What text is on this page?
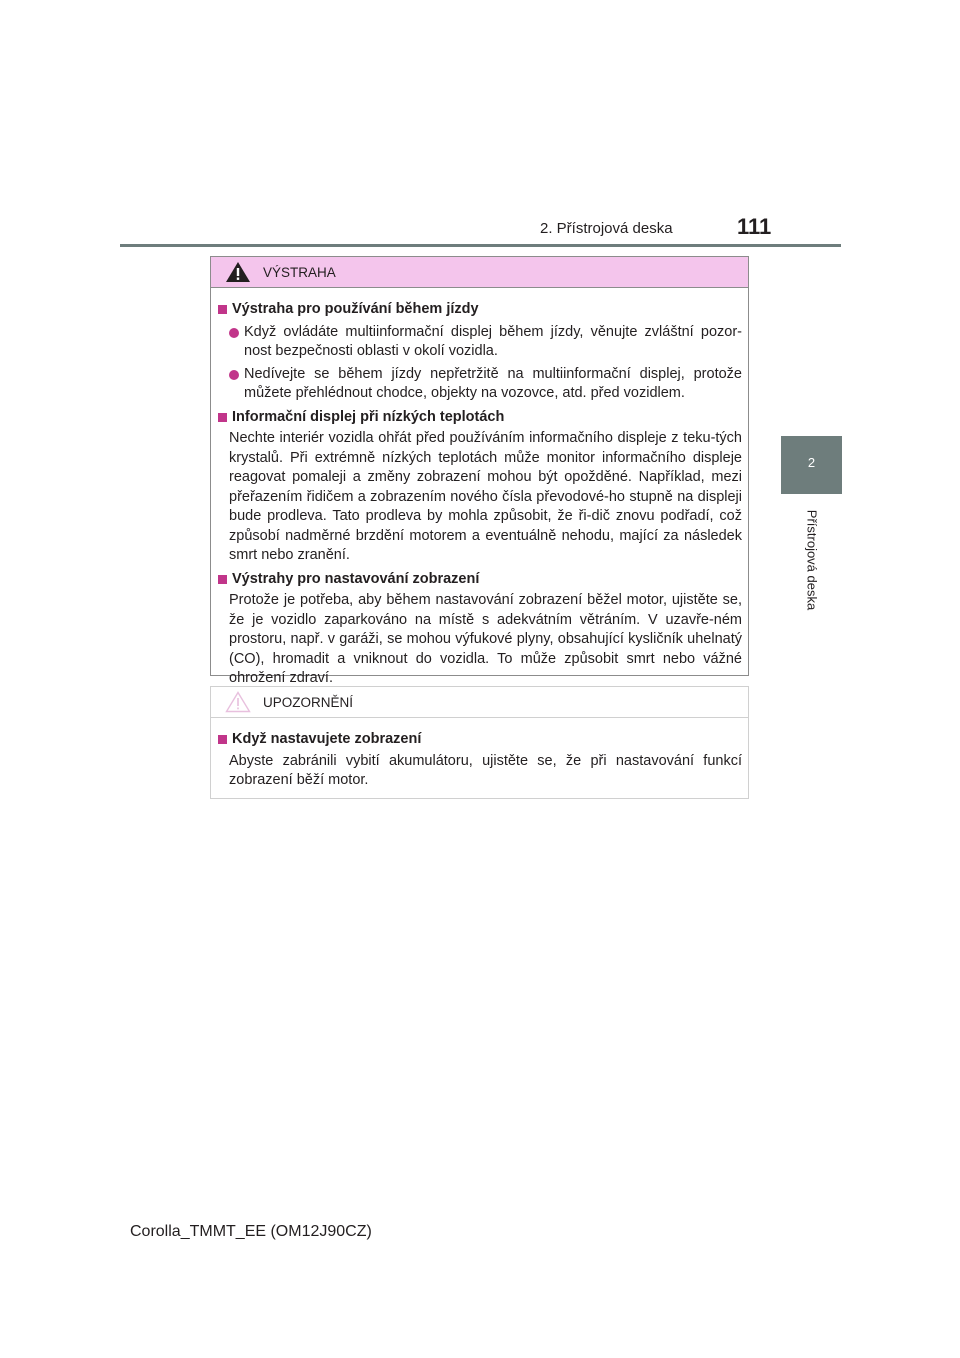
2. Přístrojová deska	111
2
Přístrojová deska
VÝSTRAHA
Výstraha pro používání během jízdy
Když ovládáte multiinformační displej během jízdy, věnujte zvláštní pozor-nost bezpečnosti oblasti v okolí vozidla.
Nedívejte se během jízdy nepřetržitě na multiinformační displej, protože můžete přehlédnout chodce, objekty na vozovce, atd. před vozidlem.
Informační displej při nízkých teplotách
Nechte interiér vozidla ohřát před používáním informačního displeje z teku-tých krystalů. Při extrémně nízkých teplotách může monitor informačního displeje reagovat pomaleji a změny zobrazení mohou být opožděné. Například, mezi přeřazením řidičem a zobrazením nového čísla převodové-ho stupně na displeji bude prodleva. Tato prodleva by mohla způsobit, že ři-dič znovu podřadí, což způsobí nadměrné brzdění motorem a eventuálně nehodu, mající za následek smrt nebo zranění.
Výstrahy pro nastavování zobrazení
Protože je potřeba, aby během nastavování zobrazení běžel motor, ujistěte se, že je vozidlo zaparkováno na místě s adekvátním větráním. V uzavře-ném prostoru, např. v garáži, se mohou výfukové plyny, obsahující kysličník uhelnatý (CO), hromadit a vniknout do vozidla. To může způsobit smrt nebo vážné ohrožení zdraví.
UPOZORNĚNÍ
Když nastavujete zobrazení
Abyste zabránili vybití akumulátoru, ujistěte se, že při nastavování funkcí zobrazení běží motor.
Corolla_TMMT_EE (OM12J90CZ)
